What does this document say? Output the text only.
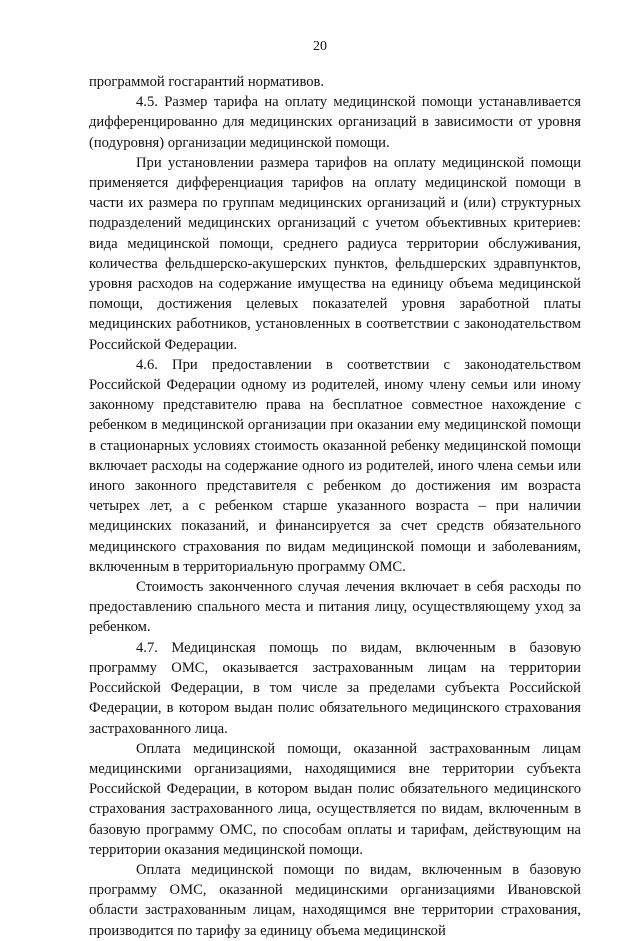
20

программой госгарантий нормативов.

4.5. Размер тарифа на оплату медицинской помощи устанавливается дифференцированно для медицинских организаций в зависимости от уровня (подуровня) организации медицинской помощи.

При установлении размера тарифов на оплату медицинской помощи применяется дифференциация тарифов на оплату медицинской помощи в части их размера по группам медицинских организаций и (или) структурных подразделений медицинских организаций с учетом объективных критериев: вида медицинской помощи, среднего радиуса территории обслуживания, количества фельдшерско-акушерских пунктов, фельдшерских здравпунктов, уровня расходов на содержание имущества на единицу объема медицинской помощи, достижения целевых показателей уровня заработной платы медицинских работников, установленных в соответствии с законодательством Российской Федерации.

4.6. При предоставлении в соответствии с законодательством Российской Федерации одному из родителей, иному члену семьи или иному законному представителю права на бесплатное совместное нахождение с ребенком в медицинской организации при оказании ему медицинской помощи в стационарных условиях стоимость оказанной ребенку медицинской помощи включает расходы на содержание одного из родителей, иного члена семьи или иного законного представителя с ребенком до достижения им возраста четырех лет, а с ребенком старше указанного возраста – при наличии медицинских показаний, и финансируется за счет средств обязательного медицинского страхования по видам медицинской помощи и заболеваниям, включенным в территориальную программу ОМС.

Стоимость законченного случая лечения включает в себя расходы по предоставлению спального места и питания лицу, осуществляющему уход за ребенком.

4.7. Медицинская помощь по видам, включенным в базовую программу ОМС, оказывается застрахованным лицам на территории Российской Федерации, в том числе за пределами субъекта Российской Федерации, в котором выдан полис обязательного медицинского страхования застрахованного лица.

Оплата медицинской помощи, оказанной застрахованным лицам медицинскими организациями, находящимися вне территории субъекта Российской Федерации, в котором выдан полис обязательного медицинского страхования застрахованного лица, осуществляется по видам, включенным в базовую программу ОМС, по способам оплаты и тарифам, действующим на территории оказания медицинской помощи.

Оплата медицинской помощи по видам, включенным в базовую программу ОМС, оказанной медицинскими организациями Ивановской области застрахованным лицам, находящимся вне территории страхования, производится по тарифу за единицу объема медицинской
